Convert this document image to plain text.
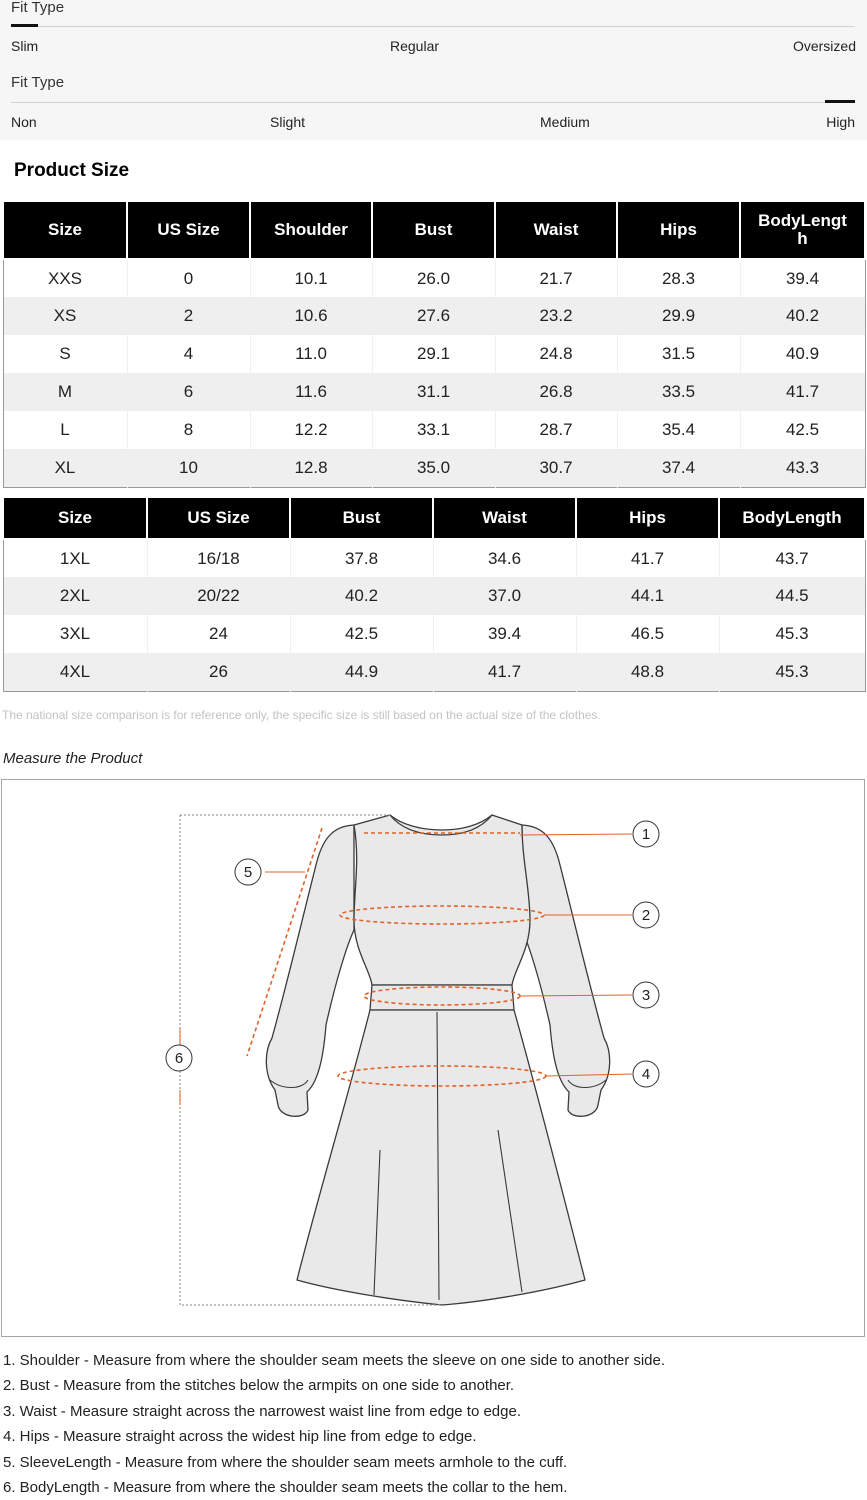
Fit Type
Slim	Regular	Oversized
Fit Type
Non	Slight	Medium	High
Product Size
Size	US Size	Shoulder	Bust	Waist	Hips	BodyLengt
h
XXS	0	10.1	26.0	21.7	28.3	39.4
XS	2	10.6	27.6	23.2	29.9	40.2
S	4	11.0	29.1	24.8	31.5	40.9
M	6	11.6	31.1	26.8	33.5	41.7
L	8	12.2	33.1	28.7	35.4	42.5
XL	10	12.8	35.0	30.7	37.4	43.3
Size	US Size	Bust	Waist	Hips	BodyLength
1XL	16/18	37.8	34.6	41.7	43.7
2XL	20/22	40.2	37.0	44.1	44.5
3XL	24	42.5	39.4	46.5	45.3
4XL	26	44.9	41.7	48.8	45.3
The national size comparison is for reference only, the specific size is still based on the actual size of the clothes.
Measure the Product
1
2
3
4
5
6
1. Shoulder - Measure from where the shoulder seam meets the sleeve on one side to another side.
2. Bust - Measure from the stitches below the armpits on one side to another.
3. Waist - Measure straight across the narrowest waist line from edge to edge.
4. Hips - Measure straight across the widest hip line from edge to edge.
5. SleeveLength - Measure from where the shoulder seam meets armhole to the cuff.
6. BodyLength - Measure from where the shoulder seam meets the collar to the hem.
